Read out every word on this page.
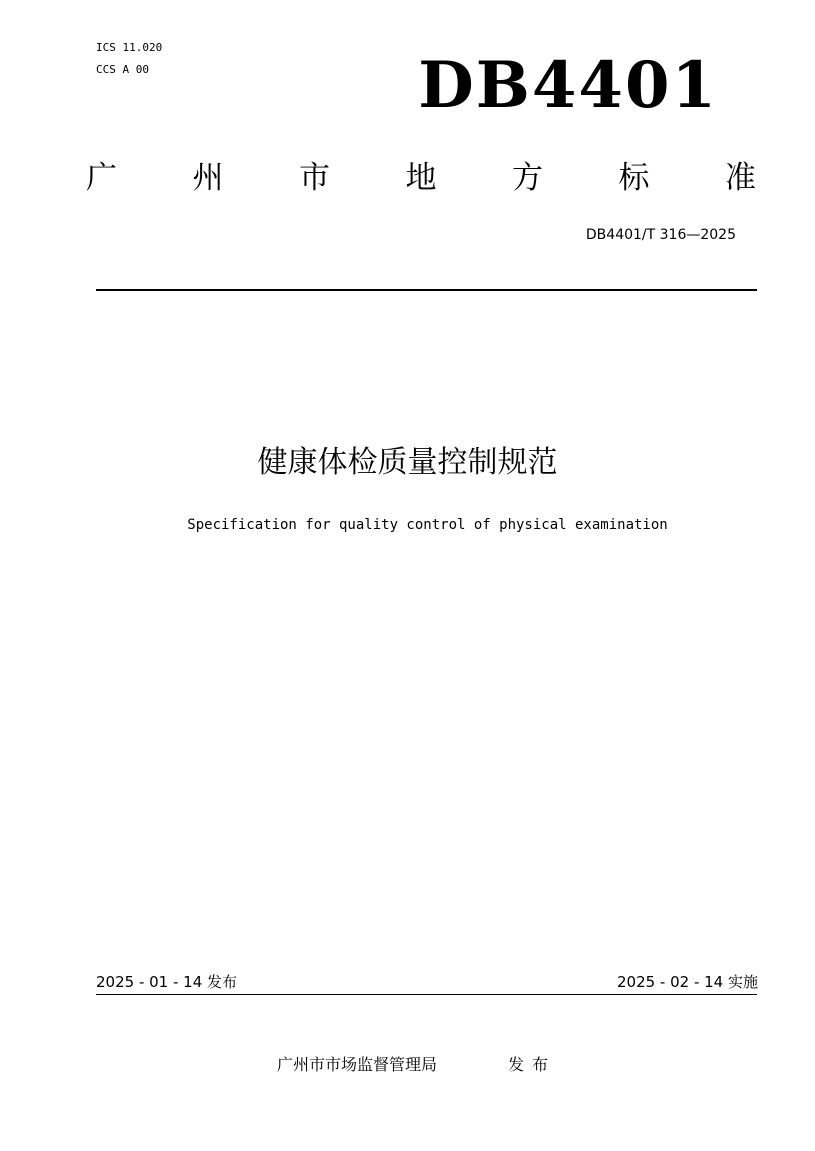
ICS 11.020
CCS A 00	DB4401
广 州 市 地 方 标 准
DB4401/T 316—2025
健康体检质量控制规范
Specification for quality control of physical examination
2025 - 01 - 14 发布	2025 - 02 - 14 实施
广州市市场监督管理局	发布
